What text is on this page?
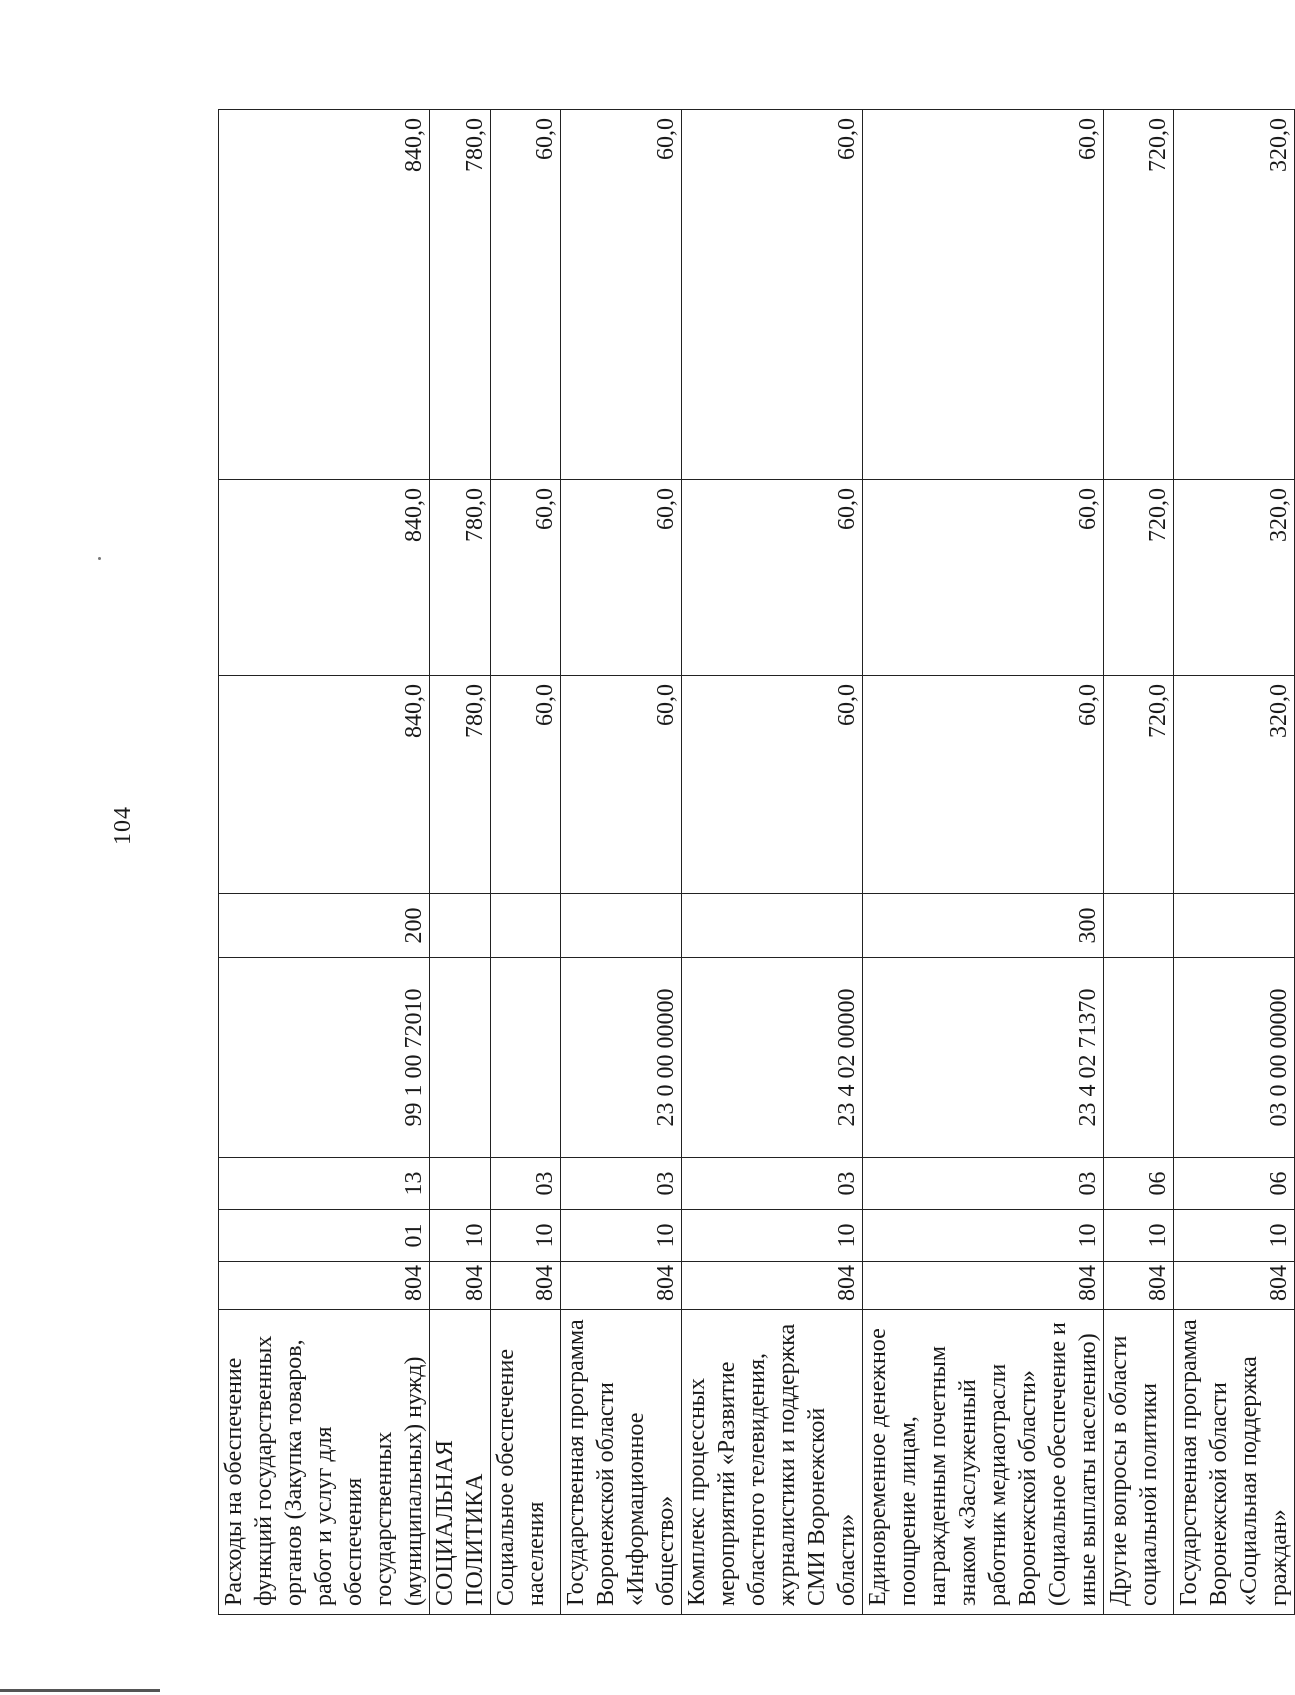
104
Расходы на обеспечение функций государственных органов (Закупка товаров, работ и услуг для обеспечения государственных (муниципальных) нужд)	804	01	13	99 1 00 72010	200	840,0	840,0	840,0
СОЦИАЛЬНАЯ ПОЛИТИКА	804	10				780,0	780,0	780,0
Социальное обеспечение населения	804	10	03			60,0	60,0	60,0
Государственная программа Воронежской области «Информационное общество»	804	10	03	23 0 00 00000		60,0	60,0	60,0
Комплекс процессных мероприятий «Развитие областного телевидения, журналистики и поддержка СМИ Воронежской области»	804	10	03	23 4 02 00000		60,0	60,0	60,0
Единовременное денежное поощрение лицам, награжденным почетным знаком «Заслуженный работник медиаотрасли Воронежской области» (Социальное обеспечение и иные выплаты населению)	804	10	03	23 4 02 71370	300	60,0	60,0	60,0
Другие вопросы в области социальной политики	804	10	06			720,0	720,0	720,0
Государственная программа Воронежской области «Социальная поддержка граждан»	804	10	06	03 0 00 00000		320,0	320,0	320,0
